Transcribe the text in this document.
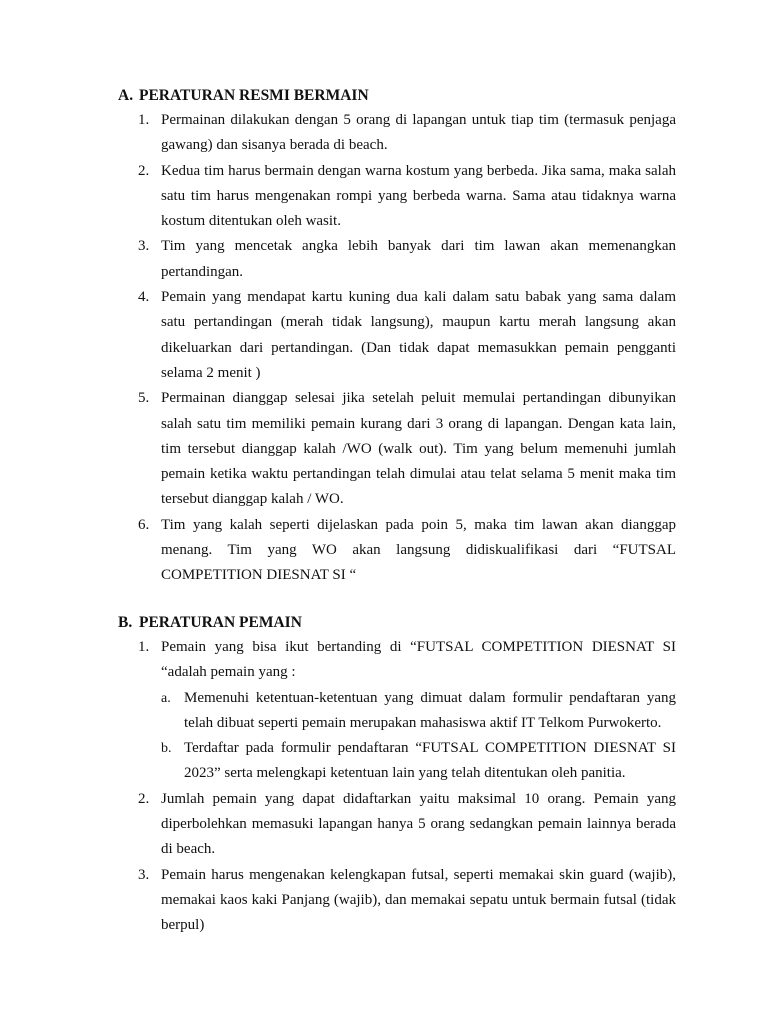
A. PERATURAN RESMI BERMAIN
1. Permainan dilakukan dengan 5 orang di lapangan untuk tiap tim (termasuk penjaga gawang) dan sisanya berada di beach.
2. Kedua tim harus bermain dengan warna kostum yang berbeda. Jika sama, maka salah satu tim harus mengenakan rompi yang berbeda warna. Sama atau tidaknya warna kostum ditentukan oleh wasit.
3. Tim yang mencetak angka lebih banyak dari tim lawan akan memenangkan pertandingan.
4. Pemain yang mendapat kartu kuning dua kali dalam satu babak yang sama dalam satu pertandingan (merah tidak langsung), maupun kartu merah langsung akan dikeluarkan dari pertandingan. (Dan tidak dapat memasukkan pemain pengganti selama 2 menit )
5. Permainan dianggap selesai jika setelah peluit memulai pertandingan dibunyikan salah satu tim memiliki pemain kurang dari 3 orang di lapangan. Dengan kata lain, tim tersebut dianggap kalah /WO (walk out). Tim yang belum memenuhi jumlah pemain ketika waktu pertandingan telah dimulai atau telat selama 5 menit maka tim tersebut dianggap kalah / WO.
6. Tim yang kalah seperti dijelaskan pada poin 5, maka tim lawan akan dianggap menang. Tim yang WO akan langsung didiskualifikasi dari “FUTSAL COMPETITION DIESNAT SI “
B. PERATURAN PEMAIN
1. Pemain yang bisa ikut bertanding di “FUTSAL COMPETITION DIESNAT SI “adalah pemain yang :
a. Memenuhi ketentuan-ketentuan yang dimuat dalam formulir pendaftaran yang telah dibuat seperti pemain merupakan mahasiswa aktif IT Telkom Purwokerto.
b. Terdaftar pada formulir pendaftaran “FUTSAL COMPETITION DIESNAT SI 2023” serta melengkapi ketentuan lain yang telah ditentukan oleh panitia.
2. Jumlah pemain yang dapat didaftarkan yaitu maksimal 10 orang. Pemain yang diperbolehkan memasuki lapangan hanya 5 orang sedangkan pemain lainnya berada di beach.
3. Pemain harus mengenakan kelengkapan futsal, seperti memakai skin guard (wajib), memakai kaos kaki Panjang (wajib), dan memakai sepatu untuk bermain futsal (tidak berpul)
